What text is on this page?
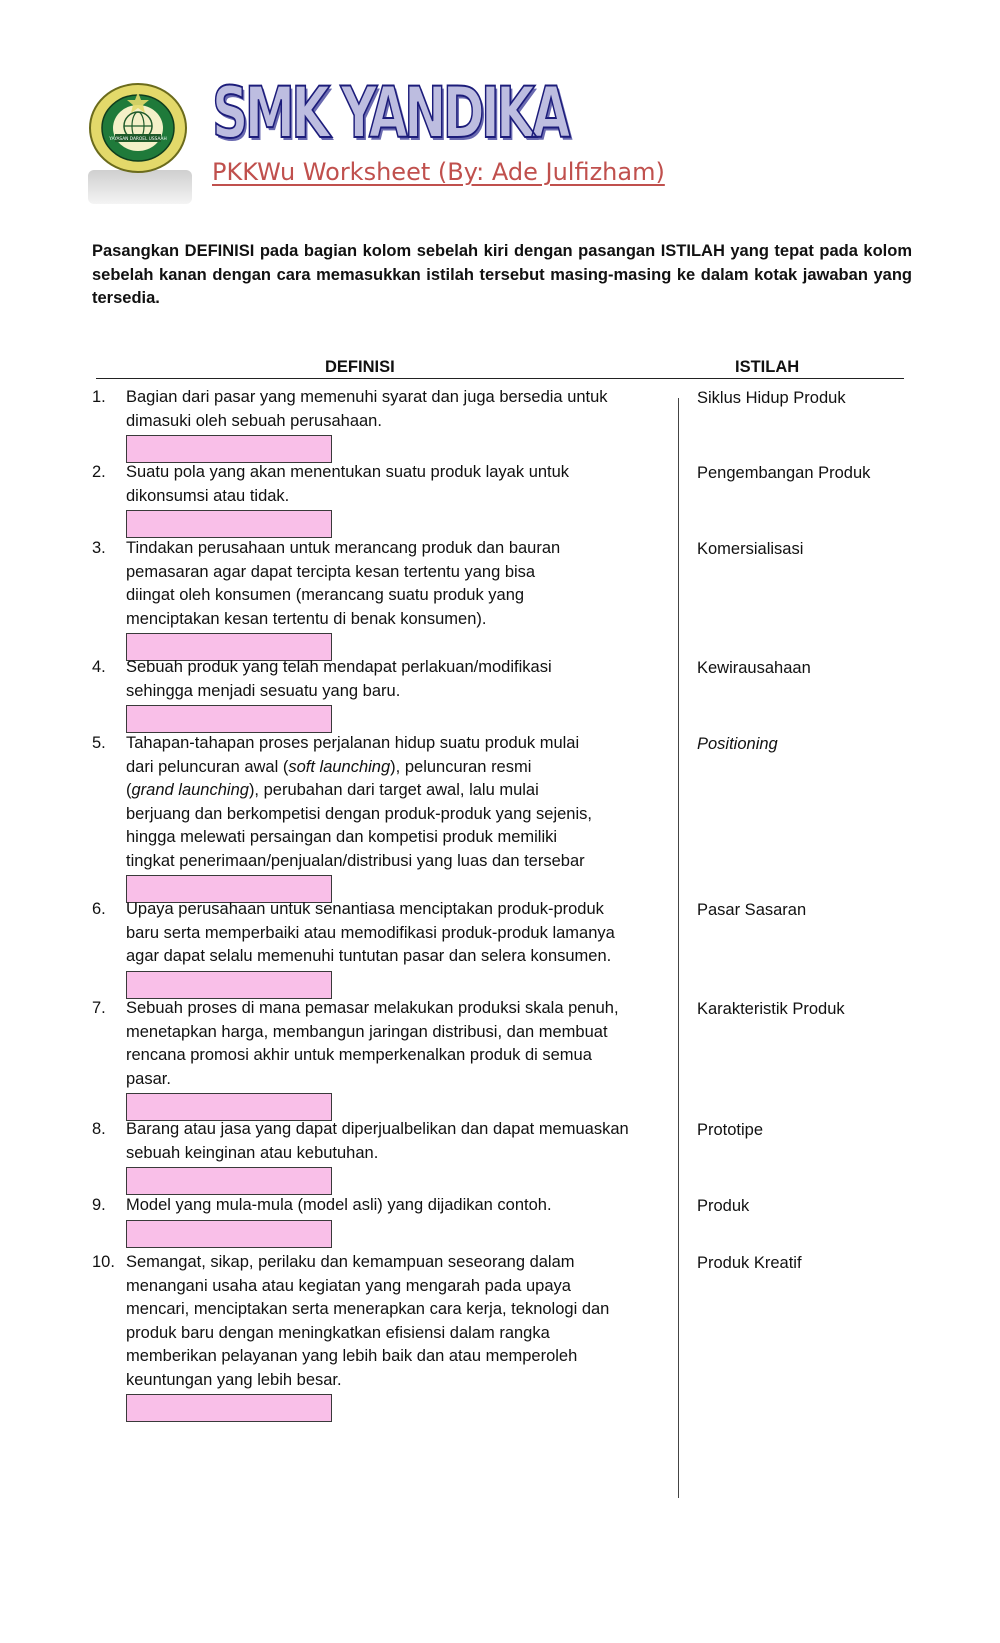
YAYASAN DAROEL USSAAH SMK YANDIKA
PKKWu Worksheet (By: Ade Julfizham)

Pasangkan DEFINISI pada bagian kolom sebelah kiri dengan pasangan ISTILAH yang tepat pada kolom sebelah kanan dengan cara memasukkan istilah tersebut masing-masing ke dalam kotak jawaban yang tersedia.

DEFINISI	ISTILAH
1. Bagian dari pasar yang memenuhi syarat dan juga bersedia untuk
dimasuki oleh sebuah perusahaan.
2. Suatu pola yang akan menentukan suatu produk layak untuk
dikonsumsi atau tidak.
3. Tindakan perusahaan untuk merancang produk dan bauran
pemasaran agar dapat tercipta kesan tertentu yang bisa
diingat oleh konsumen (merancang suatu produk yang
menciptakan kesan tertentu di benak konsumen).
4. Sebuah produk yang telah mendapat perlakuan/modifikasi
sehingga menjadi sesuatu yang baru.
5. Tahapan-tahapan proses perjalanan hidup suatu produk mulai
dari peluncuran awal (soft launching), peluncuran resmi
(grand launching), perubahan dari target awal, lalu mulai
berjuang dan berkompetisi dengan produk-produk yang sejenis,
hingga melewati persaingan dan kompetisi produk memiliki
tingkat penerimaan/penjualan/distribusi yang luas dan tersebar
6. Upaya perusahaan untuk senantiasa menciptakan produk-produk
baru serta memperbaiki atau memodifikasi produk-produk lamanya
agar dapat selalu memenuhi tuntutan pasar dan selera konsumen.
7. Sebuah proses di mana pemasar melakukan produksi skala penuh,
menetapkan harga, membangun jaringan distribusi, dan membuat
rencana promosi akhir untuk memperkenalkan produk di semua
pasar.
8. Barang atau jasa yang dapat diperjualbelikan dan dapat memuaskan
sebuah keinginan atau kebutuhan.
9. Model yang mula-mula (model asli) yang dijadikan contoh.
10. Semangat, sikap, perilaku dan kemampuan seseorang dalam
menangani usaha atau kegiatan yang mengarah pada upaya
mencari, menciptakan serta menerapkan cara kerja, teknologi dan
produk baru dengan meningkatkan efisiensi dalam rangka
memberikan pelayanan yang lebih baik dan atau memperoleh
keuntungan yang lebih besar.
Siklus Hidup Produk
Pengembangan Produk
Komersialisasi
Kewirausahaan
Positioning
Pasar Sasaran
Karakteristik Produk
Prototipe
Produk
Produk Kreatif
